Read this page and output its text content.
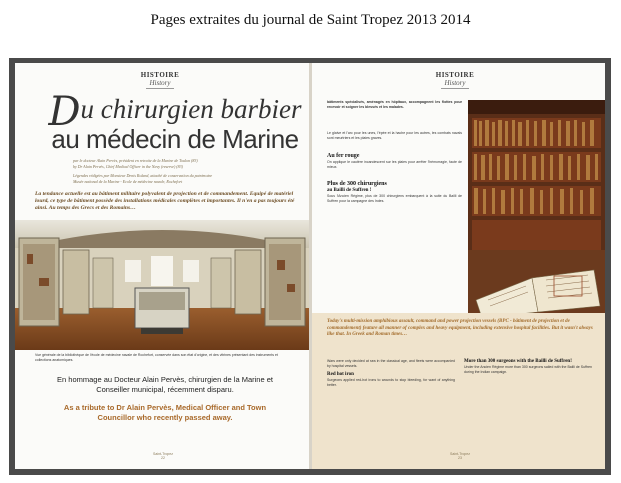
Pages extraites du journal de Saint Tropez 2013 2014
HISTOIRE
History
Du chirurgien barbier
au médecin de Marine
par le docteur Alain Pervès, président en retraite de la Marine de Toulon (83)
by Dr Alain Pervès, Chief Medical Officer in the Navy (reserve) (83)
Légendes rédigées par Monsieur Denis Roland, attaché de conservation du patrimoine
Musée national de la Marine - Ecole de médecine navale, Rochefort
La tendance actuelle est au bâtiment militaire polyvalent de projection et de commandement. Equipé de matériel lourd, ce type de bâtiment possède des installations médicales complètes et importantes. Il n'en a pas toujours été ainsi. Au temps des Grecs et des Romains…
Vue générale de la bibliothèque de l'école de médecine navale de Rochefort, conservée dans son état d'origine, et des vitrines présentant des instruments et collections anatomiques.
En hommage au Docteur Alain Pervès, chirurgien de la Marine et
Conseiller municipal, récemment disparu.
As a tribute to Dr Alain Pervès, Medical Officer and Town
Councillor who recently passed away.
Saint-Tropez
22
HISTOIRE
History
bâtiments spécialisés, aménagés en hôpitaux, accompagnent les flottes pour recevoir et soigner les blessés et les malades.
Le glaive et l'arc pour les unes, l'épée et la hache pour les autres, les combats navals sont meurtriers et les plaies graves.
Au fer rouge
On applique le cautère incandescent sur les plaies pour arrêter l'hémorragie, faute de mieux.
Plus de 300 chirurgiens
au Bailli de Suffren !
Sous l'Ancien Régime, plus de 300 chirurgiens embarquent à la suite du Bailli de Suffren pour la campagne des Indes.
Today's multi-mission amphibious assault, command and power projection vessels (BPC - bâtiment de projection et de commandement) feature all manner of complex and heavy equipment, including extensive hospital facilities. But it wasn't always like that. In Greek and Roman times…
Wars were only decided at sea in the classical age, and fleets were accompanied by hospital vessels.
Red hot iron
Surgeons applied red-hot irons to wounds to stop bleeding, for want of anything better.
More than 300 surgeons with the Bailli de Suffren!
Under the Ancien Régime more than 300 surgeons sailed with the Bailli de Suffren during the Indian campaign.
Saint-Tropez
23
